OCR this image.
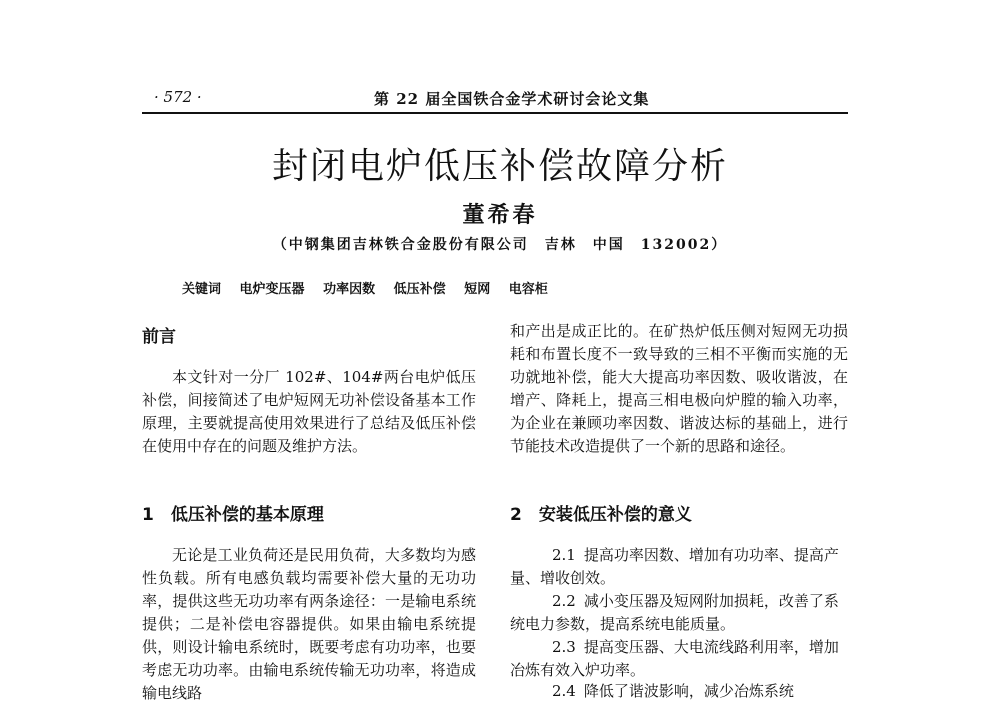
· 572 ·	第 22 届全国铁合金学术研讨会论文集
封闭电炉低压补偿故障分析
董希春
（中钢集团吉林铁合金股份有限公司　吉林　中国　132002）
关键词 电炉变压器 功率因数 低压补偿 短网 电容柜
前言

本文针对一分厂 102#、104#两台电炉低压补偿，间接简述了电炉短网无功补偿设备基本工作原理，主要就提高使用效果进行了总结及低压补偿在使用中存在的问题及维护方法。

1　低压补偿的基本原理

无论是工业负荷还是民用负荷，大多数均为感性负载。所有电感负载均需要补偿大量的无功功率，提供这些无功功率有两条途径：一是输电系统提供；二是补偿电容器提供。如果由输电系统提供，则设计输电系统时，既要考虑有功功率，也要考虑无功功率。由输电系统传输无功功率，将造成输电线路

和产出是成正比的。在矿热炉低压侧对短网无功损耗和布置长度不一致导致的三相不平衡而实施的无功就地补偿，能大大提高功率因数、吸收谐波，在增产、降耗上，提高三相电极向炉膛的输入功率，为企业在兼顾功率因数、谐波达标的基础上，进行节能技术改造提供了一个新的思路和途径。

2　安装低压补偿的意义

2.1 提高功率因数、增加有功功率、提高产量、增收创效。

2.2 减小变压器及短网附加损耗，改善了系统电力参数，提高系统电能质量。

2.3 提高变压器、大电流线路利用率，增加冶炼有效入炉功率。

2.4 降低了谐波影响，减少冶炼系统
